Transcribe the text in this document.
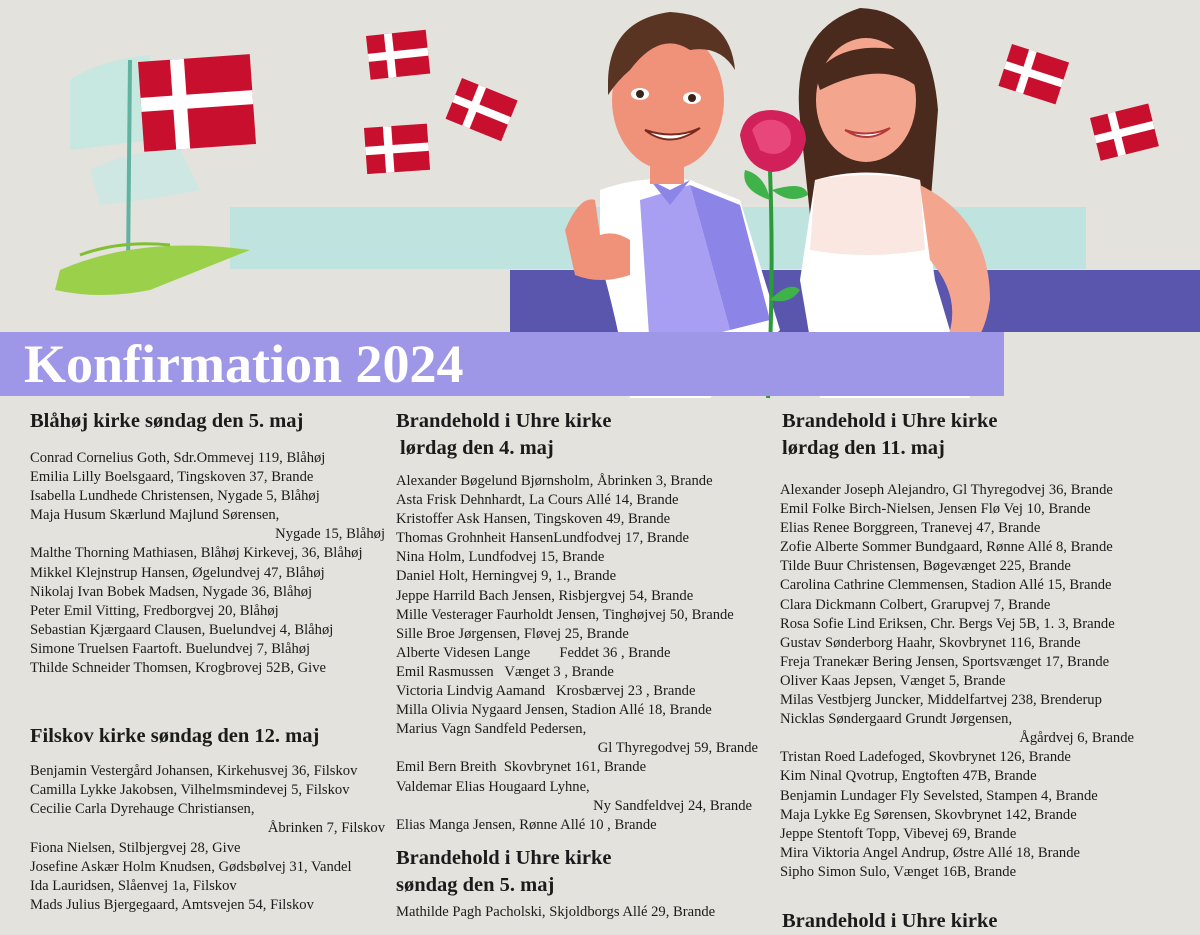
Konfirmation 2024
Blåhøj kirke søndag den 5. maj
Conrad Cornelius Goth, Sdr.Ommevej 119, Blåhøj
Emilia Lilly Boelsgaard, Tingskoven 37, Brande
Isabella Lundhede Christensen, Nygade 5, Blåhøj
Maja Husum Skærlund Majlund Sørensen,
Nygade 15, Blåhøj
Malthe Thorning Mathiasen, Blåhøj Kirkevej, 36, Blåhøj
Mikkel Klejnstrup Hansen, Øgelundvej 47, Blåhøj
Nikolaj Ivan Bobek Madsen, Nygade 36, Blåhøj
Peter Emil Vitting, Fredborgvej 20, Blåhøj
Sebastian Kjærgaard Clausen, Buelundvej 4, Blåhøj
Simone Truelsen Faartoft. Buelundvej 7, Blåhøj
Thilde Schneider Thomsen, Krogbrovej 52B, Give
Filskov kirke søndag den 12. maj
Benjamin Vestergård Johansen, Kirkehusvej 36, Filskov
Camilla Lykke Jakobsen, Vilhelmsmindevej 5, Filskov
Cecilie Carla Dyrehauge Christiansen,
Åbrinken 7, Filskov
Fiona Nielsen, Stilbjergvej 28, Give
Josefine Askær Holm Knudsen, Gødsbølvej 31, Vandel
Ida Lauridsen, Slåenvej 1a, Filskov
Mads Julius Bjergegaard, Amtsvejen 54, Filskov
Brandehold i Uhre kirke
lørdag den 4. maj
Alexander Bøgelund Bjørnsholm, Åbrinken 3, Brande
Asta Frisk Dehnhardt, La Cours Allé 14, Brande
Kristoffer Ask Hansen, Tingskoven 49, Brande
Thomas Grohnheit HansenLundfodvej 17, Brande
Nina Holm, Lundfodvej 15, Brande
Daniel Holt, Herningvej 9, 1., Brande
Jeppe Harrild Bach Jensen, Risbjergvej 54, Brande
Mille Vesterager Faurholdt Jensen, Tinghøjvej 50, Brande
Sille Broe Jørgensen, Fløvej 25, Brande
Alberte Videsen Lange        Feddet 36 , Brande
Emil Rasmussen   Vænget 3 , Brande
Victoria Lindvig Aamand   Krosbærvej 23 , Brande
Milla Olivia Nygaard Jensen, Stadion Allé 18, Brande
Marius Vagn Sandfeld Pedersen,
Gl Thyregodvej 59, Brande
Emil Bern Breith  Skovbrynet 161, Brande
Valdemar Elias Hougaard Lyhne,
Ny Sandfeldvej 24, Brande
Elias Manga Jensen, Rønne Allé 10 , Brande
Brandehold i Uhre kirke
søndag den 5. maj
Mathilde Pagh Pacholski, Skjoldborgs Allé 29, Brande
Brandehold i Uhre kirke
lørdag den 11. maj
Alexander Joseph Alejandro, Gl Thyregodvej 36, Brande
Emil Folke Birch-Nielsen, Jensen Flø Vej 10, Brande
Elias Renee Borggreen, Tranevej 47, Brande
Zofie Alberte Sommer Bundgaard, Rønne Allé 8, Brande
Tilde Buur Christensen, Bøgevænget 225, Brande
Carolina Cathrine Clemmensen, Stadion Allé 15, Brande
Clara Dickmann Colbert, Grarupvej 7, Brande
Rosa Sofie Lind Eriksen, Chr. Bergs Vej 5B, 1. 3, Brande
Gustav Sønderborg Haahr, Skovbrynet 116, Brande
Freja Tranekær Bering Jensen, Sportsvænget 17, Brande
Oliver Kaas Jepsen, Vænget 5, Brande
Milas Vestbjerg Juncker, Middelfartvej 238, Brenderup
Nicklas Søndergaard Grundt Jørgensen,
Ågårdvej 6, Brande
Tristan Roed Ladefoged, Skovbrynet 126, Brande
Kim Ninal Qvotrup, Engtoften 47B, Brande
Benjamin Lundager Fly Sevelsted, Stampen 4, Brande
Maja Lykke Eg Sørensen, Skovbrynet 142, Brande
Jeppe Stentoft Topp, Vibevej 69, Brande
Mira Viktoria Angel Andrup, Østre Allé 18, Brande
Sipho Simon Sulo, Vænget 16B, Brande
Brandehold i Uhre kirke
